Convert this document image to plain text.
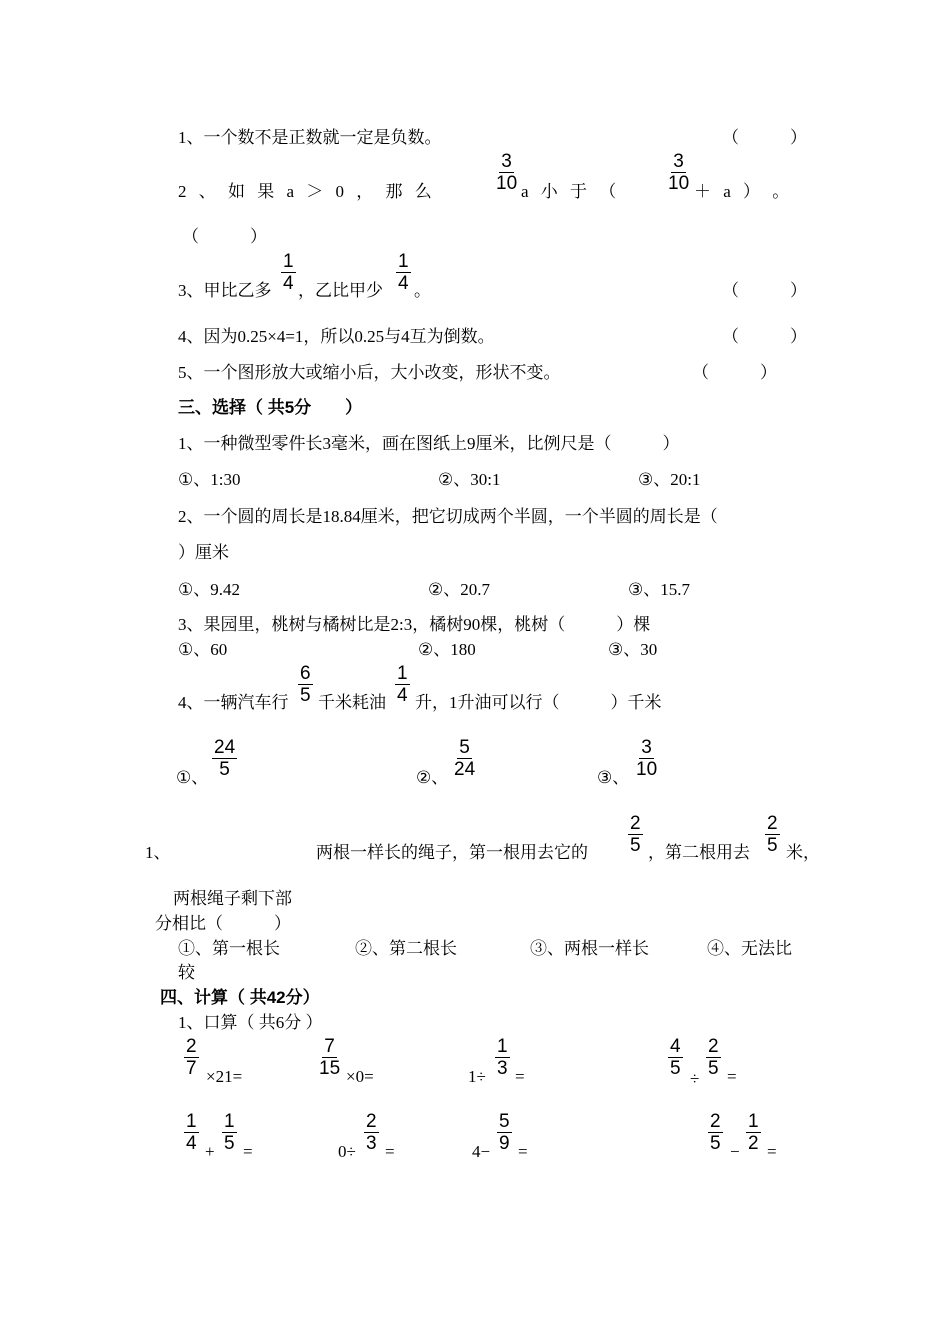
1、一个数不是正数就一定是负数。	（　　　）
2 、 如 果 a ＞ 0 ， 那 么	$\frac{3}{10}$ a 小 于 （ $\frac{3}{10} + a$ ） 。
（　　　）
3、甲比乙多 $\frac{1}{4}$ ，乙比甲少 $\frac{1}{4}$ 。	（　　　）
4、因为0.25×4=1，所以0.25与4互为倒数。	（　　　）
5、一个图形放大或缩小后，大小改变，形状不变。	（　　　）
三、选择（ 共5分　　）
1、一种微型零件长3毫米，画在图纸上9厘米，比例尺是（　　　）
①、1:30	②、30:1	③、20:1
2、一个圆的周长是18.84厘米，把它切成两个半圆，一个半圆的周长是（
）厘米
①、9.42	②、20.7	③、15.7
3、果园里，桃树与橘树比是2:3，橘树90棵，桃树（　　　）棵
①、60	②、180	③、30
4、一辆汽车行 $\frac{6}{5}$ 千米耗油 $\frac{1}{4}$ 升，1升油可以行（　　　）千米
①、 $\frac{24}{5}$	②、 $\frac{5}{24}$	③、 $\frac{3}{10}$
1、	两根一样长的绳子，第一根用去它的 $\frac{2}{5}$ ，第二根用去 $\frac{2}{5}$ 米，
两根绳子剩下部
分相比（　　　）
①、第一根长	②、第二根长	③、两根一样长	④、无法比
较
四、计算（ 共42分）
1、口算（ 共6分 ）
$\frac{2}{7} \times 21=$	$\frac{7}{15} \times 0=$	$1\div \frac{1}{3}$ =	$\frac{4}{5} \div \frac{2}{5}$ =
$\frac{1}{4} + \frac{1}{5}$ =	$0\div \frac{2}{3}$ =	$4- \frac{5}{9}$ =	$\frac{2}{5} - \frac{1}{2}$ =
